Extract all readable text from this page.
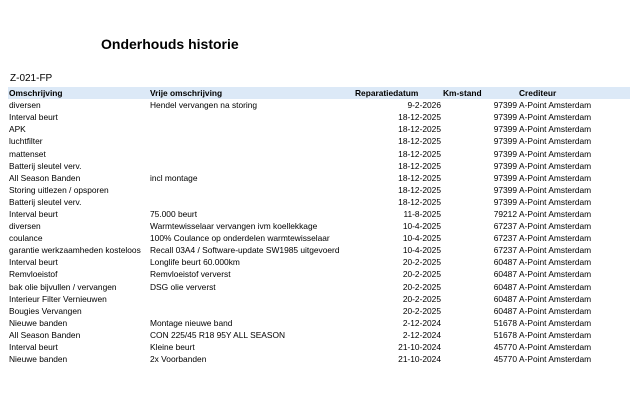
Onderhouds historie
Z-021-FP
Omschrijving	Vrije omschrijving	Reparatiedatum	Km-stand	Crediteur
diversen	Hendel vervangen na storing	9-2-2026	97399	A-Point Amsterdam
Interval beurt		18-12-2025	97399	A-Point Amsterdam
APK		18-12-2025	97399	A-Point Amsterdam
luchtfilter		18-12-2025	97399	A-Point Amsterdam
mattenset		18-12-2025	97399	A-Point Amsterdam
Batterij sleutel verv.		18-12-2025	97399	A-Point Amsterdam
All Season Banden	incl montage	18-12-2025	97399	A-Point Amsterdam
Storing uitlezen / opsporen		18-12-2025	97399	A-Point Amsterdam
Batterij sleutel verv.		18-12-2025	97399	A-Point Amsterdam
Interval beurt	75.000 beurt	11-8-2025	79212	A-Point Amsterdam
diversen	Warmtewisselaar vervangen ivm koellekkage	10-4-2025	67237	A-Point Amsterdam
coulance	100% Coulance op onderdelen warmtewisselaar	10-4-2025	67237	A-Point Amsterdam
garantie werkzaamheden kosteloos	Recall 03A4 / Software-update SW1985 uitgevoerd	10-4-2025	67237	A-Point Amsterdam
Interval beurt	Longlife beurt 60.000km	20-2-2025	60487	A-Point Amsterdam
Remvloeistof	Remvloeistof ververst	20-2-2025	60487	A-Point Amsterdam
bak olie bijvullen / vervangen	DSG olie ververst	20-2-2025	60487	A-Point Amsterdam
Interieur Filter Vernieuwen		20-2-2025	60487	A-Point Amsterdam
Bougies Vervangen		20-2-2025	60487	A-Point Amsterdam
Nieuwe banden	Montage nieuwe band	2-12-2024	51678	A-Point Amsterdam
All Season Banden	CON 225/45 R18 95Y ALL SEASON	2-12-2024	51678	A-Point Amsterdam
Interval beurt	Kleine beurt	21-10-2024	45770	A-Point Amsterdam
Nieuwe banden	2x Voorbanden	21-10-2024	45770	A-Point Amsterdam
